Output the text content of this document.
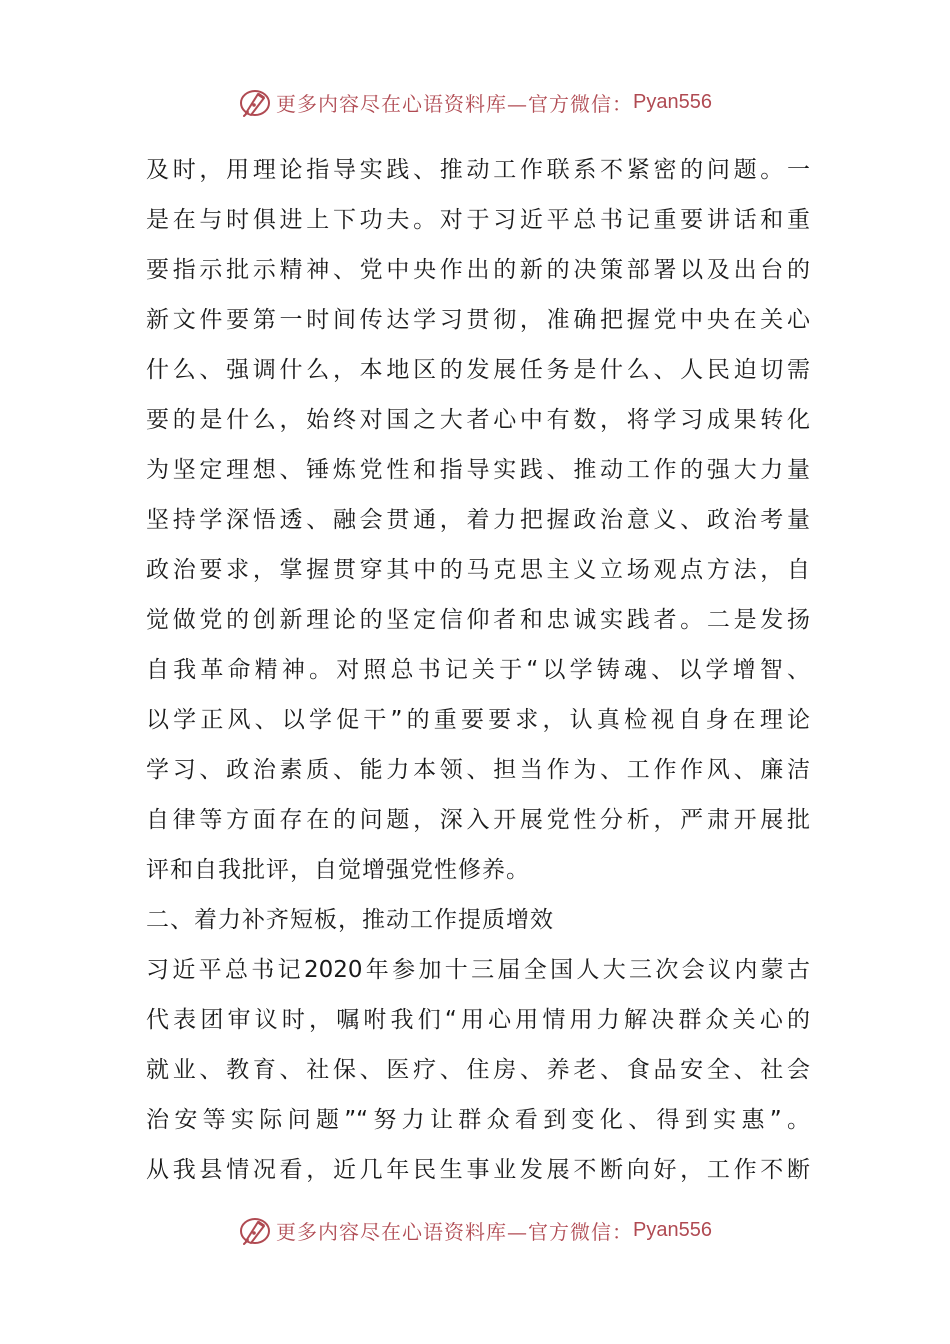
更多内容尽在心语资料库—官方微信： Pyan556
及时，用理论指导实践、推动工作联系不紧密的问题。一
是在与时俱进上下功夫。对于习近平总书记重要讲话和重
要指示批示精神、党中央作出的新的决策部署以及出台的
新文件要第一时间传达学习贯彻，准确把握党中央在关心
什么、强调什么，本地区的发展任务是什么、人民迫切需
要的是什么，始终对国之大者心中有数，将学习成果转化
为坚定理想、锤炼党性和指导实践、推动工作的强大力量
坚持学深悟透、融会贯通，着力把握政治意义、政治考量
政治要求，掌握贯穿其中的马克思主义立场观点方法，自
觉做党的创新理论的坚定信仰者和忠诚实践者。二是发扬
自我革命精神。对照总书记关于“以学铸魂、以学增智、
以学正风、以学促干”的重要要求，认真检视自身在理论
学习、政治素质、能力本领、担当作为、工作作风、廉洁
自律等方面存在的问题，深入开展党性分析，严肃开展批
评和自我批评，自觉增强党性修养。
二、着力补齐短板，推动工作提质增效
习近平总书记2020年参加十三届全国人大三次会议内蒙古
代表团审议时，嘱咐我们“用心用情用力解决群众关心的
就业、教育、社保、医疗、住房、养老、食品安全、社会
治安等实际问题”“努力让群众看到变化、得到实惠”。
从我县情况看，近几年民生事业发展不断向好，工作不断
更多内容尽在心语资料库—官方微信： Pyan556
